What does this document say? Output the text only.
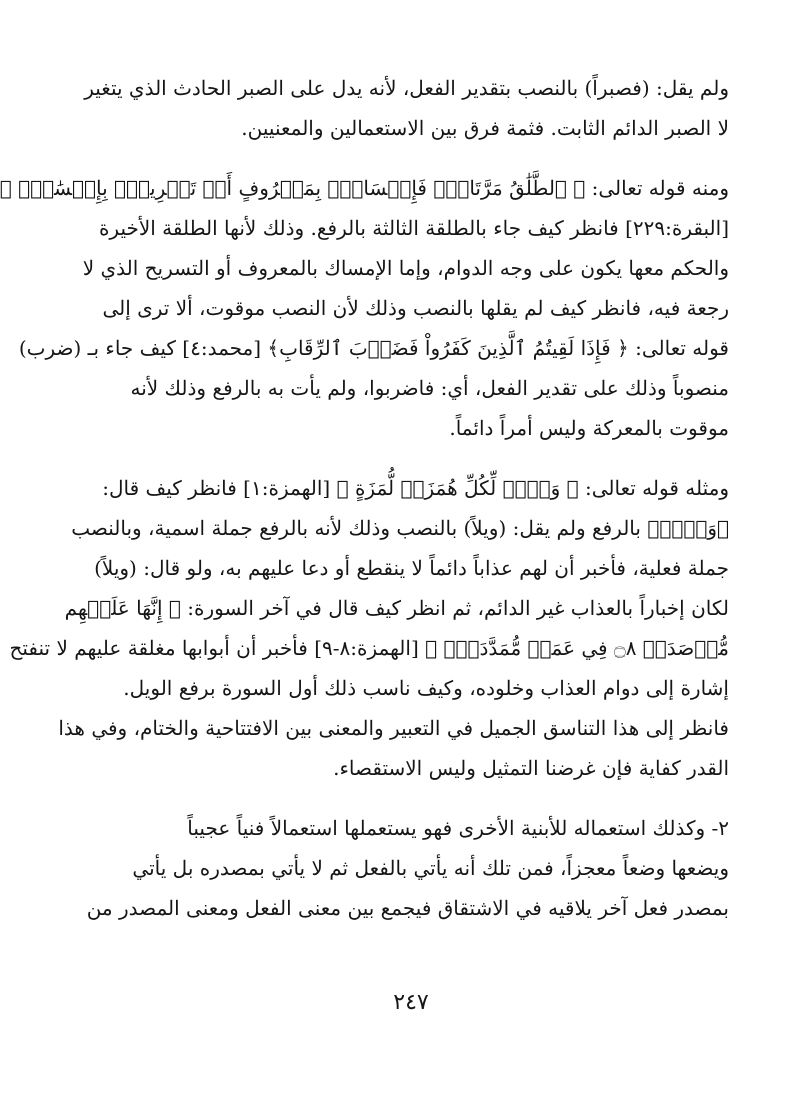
ولم يقل: (فصبراً) بالنصب بتقدير الفعل، لأنه يدل على الصبر الحادث الذي يتغير
لا الصبر الدائم الثابت. فثمة فرق بين الاستعمالين والمعنيين.
ومنه قوله تعالى: ﴿ ٱلطَّلَٰقُ مَرَّتَانِۖ فَإِمۡسَاكُۢ بِمَعۡرُوفٍ أَوۡ تَسۡرِيحُۢ بِإِحۡسَٰنٖۗ ﴾
[البقرة:٢٢٩] فانظر كيف جاء بالطلقة الثالثة بالرفع. وذلك لأنها الطلقة الأخيرة
والحكم معها يكون على وجه الدوام، وإما الإمساك بالمعروف أو التسريح الذي لا
رجعة فيه، فانظر كيف لم يقلها بالنصب وذلك لأن النصب موقوت، ألا ترى إلى
قوله تعالى: ﴿ فَإِذَا لَقِيتُمُ ٱلَّذِينَ كَفَرُواْ فَضَرۡبَ ٱلرِّقَابِ﴾ [محمد:٤] كيف جاء بـ (ضرب)
منصوباً وذلك على تقدير الفعل، أي: فاضربوا، ولم يأت به بالرفع وذلك لأنه
موقوت بالمعركة وليس أمراً دائماً.
ومثله قوله تعالى: ﴿ وَيۡلٞ لِّكُلِّ هُمَزَةٖ لُّمَزَةٍ ﴾ [الهمزة:١] فانظر كيف قال:
﴿وَيۡلٞ﴾ بالرفع ولم يقل: (ويلاً) بالنصب وذلك لأنه بالرفع جملة اسمية، وبالنصب
جملة فعلية، فأخبر أن لهم عذاباً دائماً لا ينقطع أو دعا عليهم به، ولو قال: (ويلاً)
لكان إخباراً بالعذاب غير الدائم، ثم انظر كيف قال في آخر السورة: ﴿ إِنَّهَا عَلَيۡهِم
مُّؤۡصَدَةٞ ۝٨ فِي عَمَدٖ مُّمَدَّدَةِۭ ﴾ [الهمزة:٨-٩] فأخبر أن أبوابها مغلقة عليهم لا تنفتح
إشارة إلى دوام العذاب وخلوده، وكيف ناسب ذلك أول السورة برفع الويل.
فانظر إلى هذا التناسق الجميل في التعبير والمعنى بين الافتتاحية والختام، وفي هذا
القدر كفاية فإن غرضنا التمثيل وليس الاستقصاء.
٢- وكذلك استعماله للأبنية الأخرى فهو يستعملها استعمالاً فنياً عجيباً
ويضعها وضعاً معجزاً، فمن تلك أنه يأتي بالفعل ثم لا يأتي بمصدره بل يأتي
بمصدر فعل آخر يلاقيه في الاشتقاق فيجمع بين معنى الفعل ومعنى المصدر من
٢٤٧
